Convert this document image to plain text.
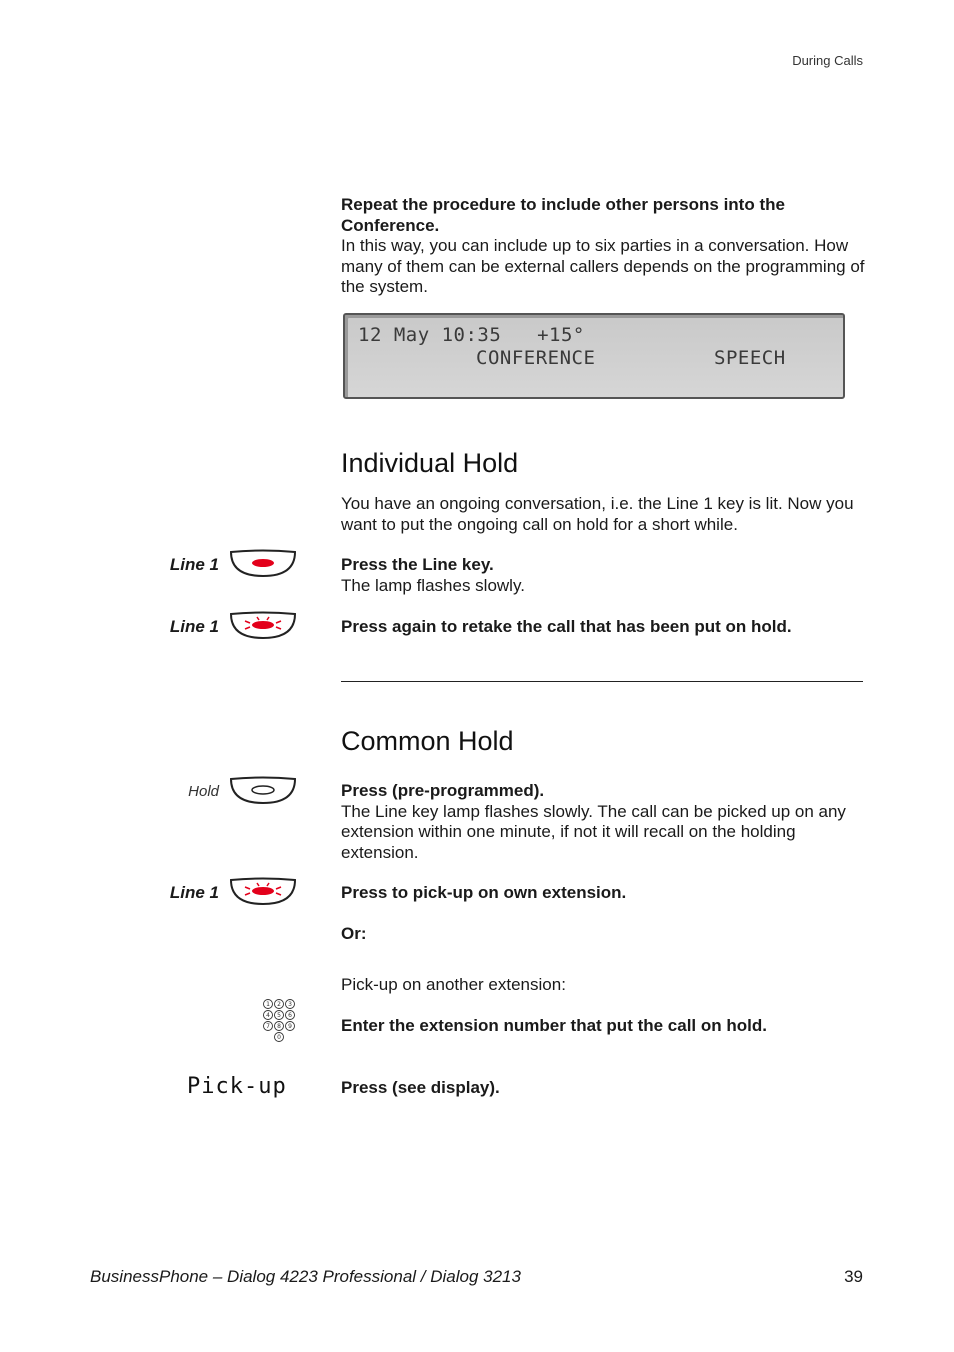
During Calls
Repeat the procedure to include other persons into the Conference.
In this way, you can include up to six parties in a conversation. How many of them can be external callers depends on the programming of the system.
12 May 10:35   +15°
CONFERENCE	SPEECH
Individual Hold
You have an ongoing conversation, i.e. the Line 1 key is lit. Now you want to put the ongoing call on hold for a short while.
Line 1	Press the Line key.
The lamp flashes slowly.
Line 1	Press again to retake the call that has been put on hold.
Common Hold
Hold	Press (pre-programmed).
The Line key lamp flashes slowly. The call can be picked up on any extension within one minute, if not it will recall on the holding extension.
Line 1	Press to pick-up on own extension.
Or:
Pick-up on another extension:
1 2 3
4 5 6
7 8 9
0
Enter the extension number that put the call on hold.
Pick-up	Press (see display).
BusinessPhone – Dialog 4223 Professional / Dialog 3213	39
